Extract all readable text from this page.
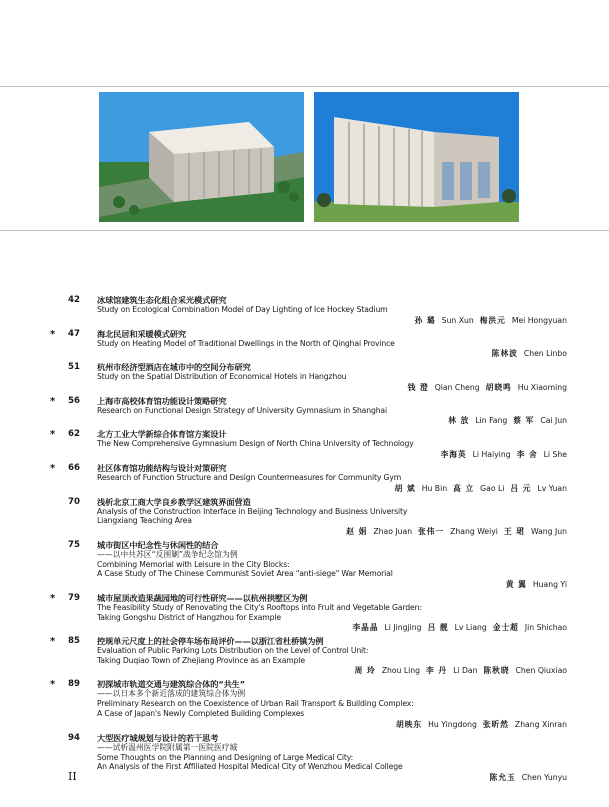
42 冰球馆建筑生态化组合采光模式研究
Study on Ecological Combination Model of Day Lighting of Ice Hockey Stadium
孙 璐 Sun Xun 梅洪元 Mei Hongyuan
*	47 海北民居和采暖模式研究
Study on Heating Model of Traditional Dwellings in the North of Qinghai Province
陈林波 Chen Linbo
51 杭州市经济型酒店在城市中的空间分布研究
Study on the Spatial Distribution of Economical Hotels in Hangzhou
钱 澄 Qian Cheng 胡晓鸣 Hu Xiaoming
*	56 上海市高校体育馆功能设计策略研究
Research on Functional Design Strategy of University Gymnasium in Shanghai
林 放 Lin Fang 蔡 军 Cai Jun
*	62 北方工业大学新综合体育馆方案设计
The New Comprehensive Gymnasium Design of North China University of Technology
李海英 Li Haiying 李 舍 Li She
*	66 社区体育馆功能结构与设计对策研究
Research of Function Structure and Design Countermeasures for Community Gym
胡 斌 Hu Bin 高 立 Gao Li 吕 元 Lv Yuan
70 浅析北京工商大学良乡教学区建筑界面营造
Analysis of the Construction Interface in Beijing Technology and Business University
Liangxiang Teaching Area
赵 娟 Zhao Juan 张伟一 Zhang Weiyi 王 珺 Wang Jun
75 城市街区中纪念性与休闲性的结合
——以中共苏区“反围剿”战争纪念馆为例
Combining Memorial with Leisure in the City Blocks:
A Case Study of The Chinese Communist Soviet Area "anti-siege" War Memorial
黄 翼 Huang Yi
*	79 城市屋顶改造果蔬园地的可行性研究——以杭州拱墅区为例
The Feasibility Study of Renovating the City's Rooftops into Fruit and Vegetable Garden:
Taking Gongshu District of Hangzhou for Example
李晶晶 Li Jingjing 吕 靓 Lv Liang 金士超 Jin Shichao
*	85 控规单元尺度上的社会停车场布局评价——以浙江省杜桥镇为例
Evaluation of Public Parking Lots Distribution on the Level of Control Unit:
Taking Duqiao Town of Zhejiang Province as an Example
周 玲 Zhou Ling 李 丹 Li Dan 陈秋晓 Chen Qiuxiao
*	89 初探城市轨道交通与建筑综合体的“共生”
——以日本多个新近落成的建筑综合体为例
Preliminary Research on the Coexistence of Urban Rail Transport & Building Complex:
A Case of Japan's Newly Completed Building Complexes
胡映东 Hu Yingdong 张昕然 Zhang Xinran
94 大型医疗城规划与设计的若干思考
——试析温州医学院附属第一医院医疗城
Some Thoughts on the Planning and Designing of Large Medical City:
An Analysis of the First Affiliated Hospital Medical City of Wenzhou Medical College
陈允玉 Chen Yunyu
II
